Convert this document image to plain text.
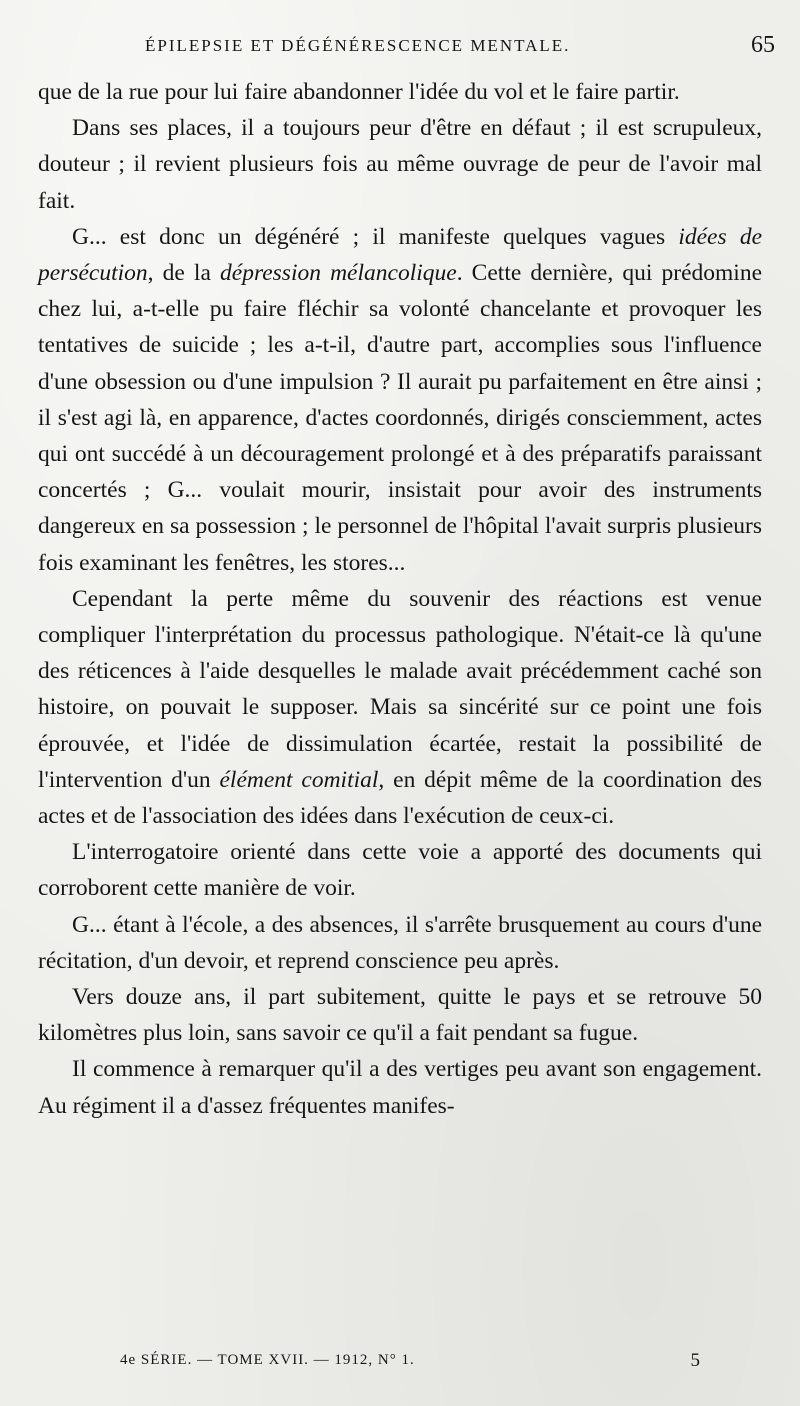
ÉPILEPSIE ET DÉGÉNÉRESCENCE MENTALE.	65

que de la rue pour lui faire abandonner l'idée du vol et le faire partir.

Dans ses places, il a toujours peur d'être en défaut ; il est scrupuleux, douteur ; il revient plusieurs fois au même ouvrage de peur de l'avoir mal fait.

G... est donc un dégénéré ; il manifeste quelques vagues idées de persécution, de la dépression mélancolique. Cette dernière, qui prédomine chez lui, a-t-elle pu faire fléchir sa volonté chancelante et provoquer les tentatives de suicide ; les a-t-il, d'autre part, accomplies sous l'influence d'une obsession ou d'une impulsion ? Il aurait pu parfaitement en être ainsi ; il s'est agi là, en apparence, d'actes coordonnés, dirigés consciemment, actes qui ont succédé à un découragement prolongé et à des préparatifs paraissant concertés ; G... voulait mourir, insistait pour avoir des instruments dangereux en sa possession ; le personnel de l'hôpital l'avait surpris plusieurs fois examinant les fenêtres, les stores...

Cependant la perte même du souvenir des réactions est venue compliquer l'interprétation du processus pathologique. N'était-ce là qu'une des réticences à l'aide desquelles le malade avait précédemment caché son histoire, on pouvait le supposer. Mais sa sincérité sur ce point une fois éprouvée, et l'idée de dissimulation écartée, restait la possibilité de l'intervention d'un élément comitial, en dépit même de la coordination des actes et de l'association des idées dans l'exécution de ceux-ci.

L'interrogatoire orienté dans cette voie a apporté des documents qui corroborent cette manière de voir.

G... étant à l'école, a des absences, il s'arrête brusquement au cours d'une récitation, d'un devoir, et reprend conscience peu après.

Vers douze ans, il part subitement, quitte le pays et se retrouve 50 kilomètres plus loin, sans savoir ce qu'il a fait pendant sa fugue.

Il commence à remarquer qu'il a des vertiges peu avant son engagement. Au régiment il a d'assez fréquentes manifes-

4e SÉRIE. — TOME XVII. — 1912, N° 1.	5
